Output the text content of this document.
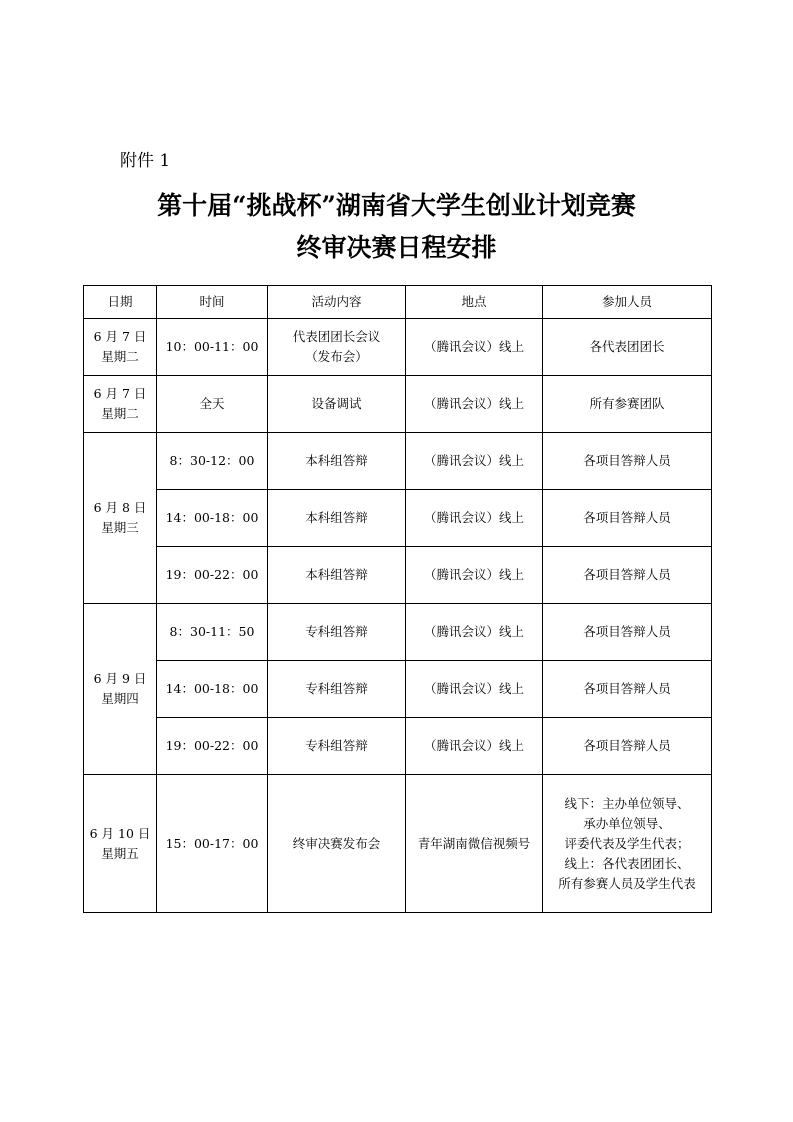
附件 1
第十届“挑战杯”湖南省大学生创业计划竞赛
终审决赛日程安排
日期	时间	活动内容	地点	参加人员

6 月 7 日
星期二	10：00-11：00	代表团团长会议
（发布会）	（腾讯会议）线上	各代表团团长

6 月 7 日
星期二	全天	设备调试	（腾讯会议）线上	所有参赛团队

6 月 8 日
星期三	8：30-12：00	本科组答辩	（腾讯会议）线上	各项目答辩人员

	14：00-18：00	本科组答辩	（腾讯会议）线上	各项目答辩人员

	19：00-22：00	本科组答辩	（腾讯会议）线上	各项目答辩人员

6 月 9 日
星期四	8：30-11：50	专科组答辩	（腾讯会议）线上	各项目答辩人员

	14：00-18：00	专科组答辩	（腾讯会议）线上	各项目答辩人员

	19：00-22：00	专科组答辩	（腾讯会议）线上	各项目答辩人员

6 月 10 日
星期五	15：00-17：00	终审决赛发布会	青年湖南微信视频号	线下：主办单位领导、
承办单位领导、
评委代表及学生代表；
线上：各代表团团长、
所有参赛人员及学生代表
